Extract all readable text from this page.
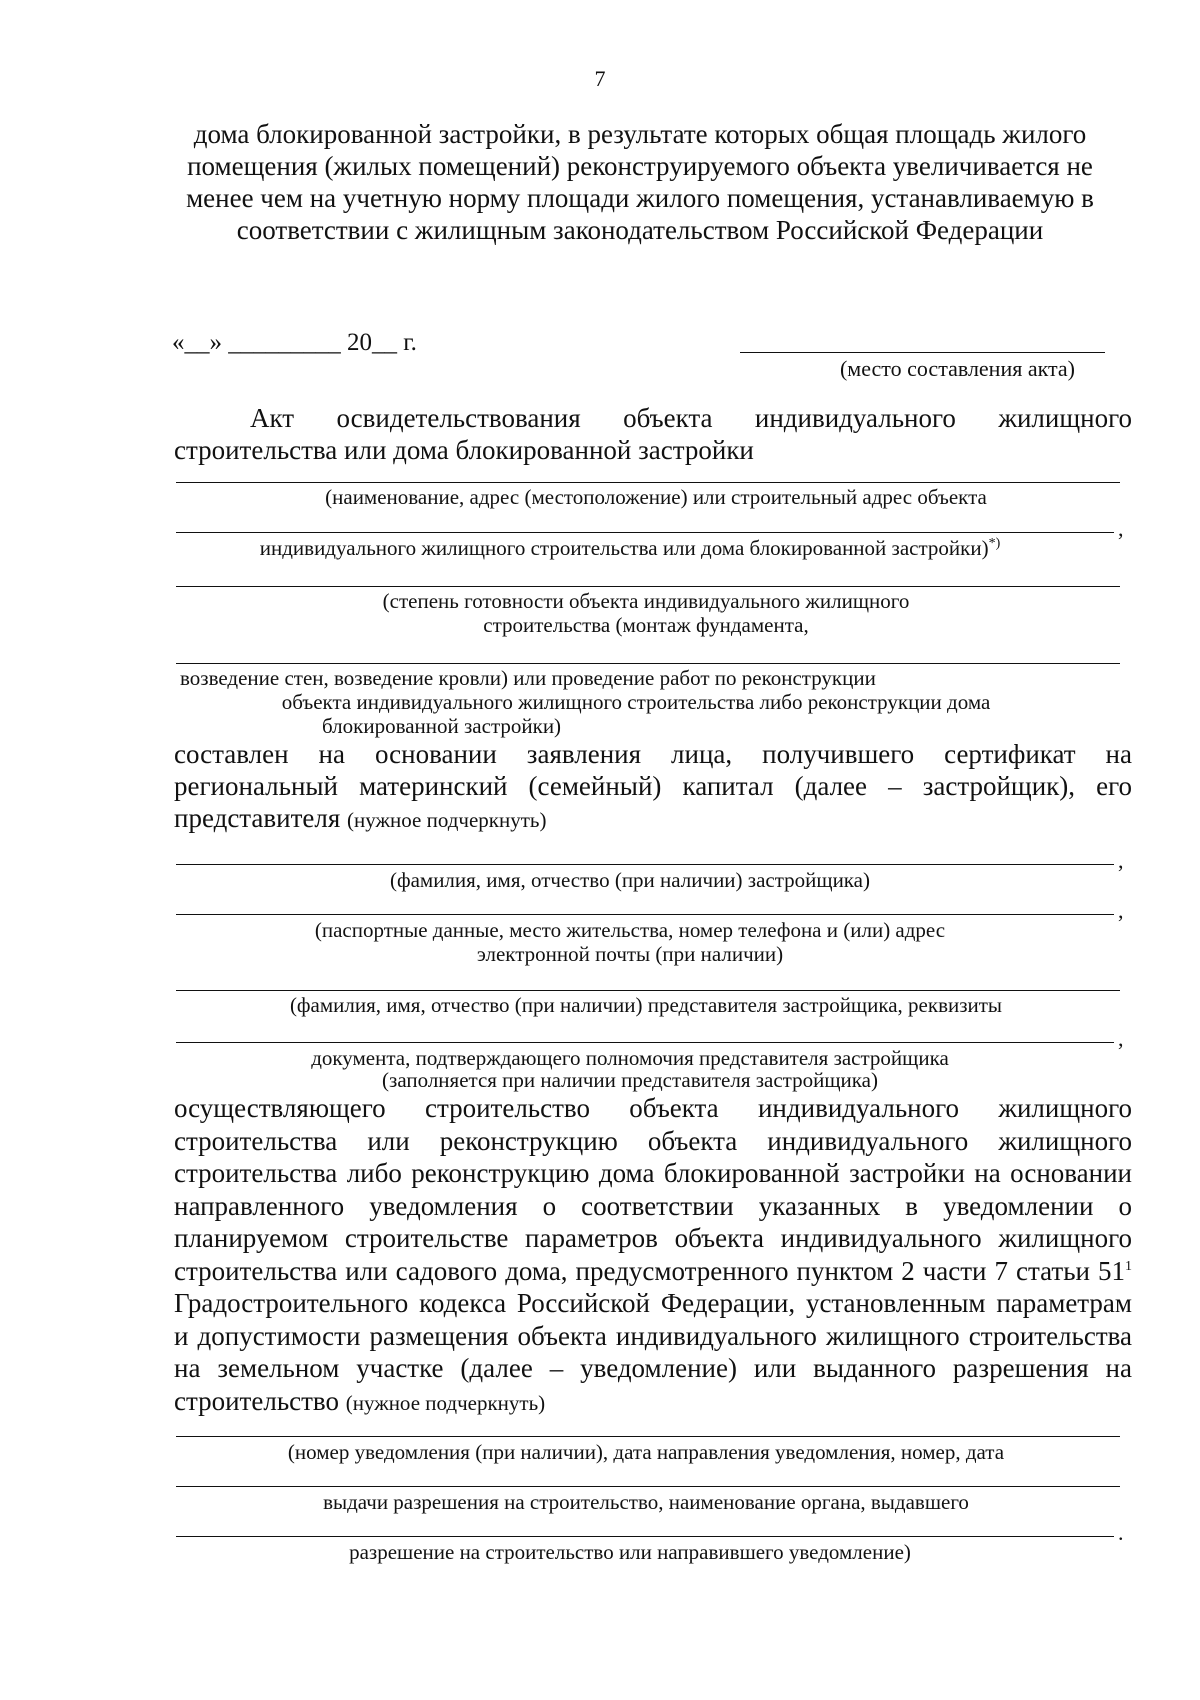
7
дома блокированной застройки, в результате которых общая площадь жилого помещения (жилых помещений) реконструируемого объекта увеличивается не менее чем на учетную норму площади жилого помещения, устанавливаемую в соответствии с жилищным законодательством Российской Федерации
«__» _________ 20__ г.
(место составления акта)
Акт освидетельствования объекта индивидуального жилищного строительства или дома блокированной застройки
(наименование, адрес (местоположение) или строительный адрес объекта
,
индивидуального жилищного строительства или дома блокированной застройки)*)
(степень готовности объекта индивидуального жилищного
строительства (монтаж фундамента,
возведение стен, возведение кровли) или проведение работ по реконструкции
объекта индивидуального жилищного строительства либо реконструкции дома
блокированной застройки)
составлен на основании заявления лица, получившего сертификат на региональный материнский (семейный) капитал (далее – застройщик), его представителя (нужное подчеркнуть)
,
(фамилия, имя, отчество (при наличии) застройщика)
,
(паспортные данные, место жительства, номер телефона и (или) адрес
электронной почты (при наличии)
(фамилия, имя, отчество (при наличии) представителя застройщика, реквизиты
,
документа, подтверждающего полномочия представителя застройщика
(заполняется при наличии представителя застройщика)
осуществляющего строительство объекта индивидуального жилищного строительства или реконструкцию объекта индивидуального жилищного строительства либо реконструкцию дома блокированной застройки на основании направленного уведомления о соответствии указанных в уведомлении о планируемом строительстве параметров объекта индивидуального жилищного строительства или садового дома, предусмотренного пунктом 2 части 7 статьи $51^1$ Градостроительного кодекса Российской Федерации, установленным параметрам и допустимости размещения объекта индивидуального жилищного строительства на земельном участке (далее – уведомление) или выданного разрешения на строительство (нужное подчеркнуть)
(номер уведомления (при наличии), дата направления уведомления, номер, дата
выдачи разрешения на строительство, наименование органа, выдавшего
.
разрешение на строительство или направившего уведомление)
